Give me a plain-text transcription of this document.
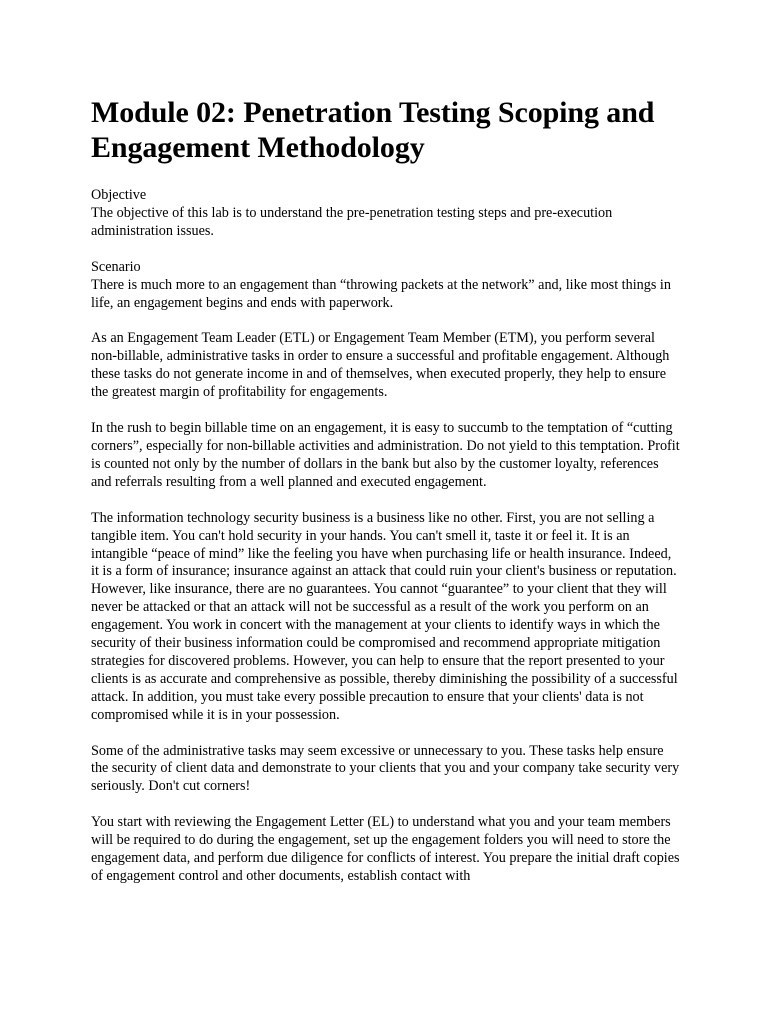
Module 02: Penetration Testing Scoping and Engagement Methodology

Objective

The objective of this lab is to understand the pre-penetration testing steps and pre-execution administration issues.

Scenario

There is much more to an engagement than “throwing packets at the network” and, like most things in life, an engagement begins and ends with paperwork.

As an Engagement Team Leader (ETL) or Engagement Team Member (ETM), you perform several non-billable, administrative tasks in order to ensure a successful and profitable engagement. Although these tasks do not generate income in and of themselves, when executed properly, they help to ensure the greatest margin of profitability for engagements.

In the rush to begin billable time on an engagement, it is easy to succumb to the temptation of “cutting corners”, especially for non-billable activities and administration. Do not yield to this temptation. Profit is counted not only by the number of dollars in the bank but also by the customer loyalty, references and referrals resulting from a well planned and executed engagement.

The information technology security business is a business like no other. First, you are not selling a tangible item. You can't hold security in your hands. You can't smell it, taste it or feel it. It is an intangible “peace of mind” like the feeling you have when purchasing life or health insurance. Indeed, it is a form of insurance; insurance against an attack that could ruin your client's business or reputation. However, like insurance, there are no guarantees. You cannot “guarantee” to your client that they will never be attacked or that an attack will not be successful as a result of the work you perform on an engagement. You work in concert with the management at your clients to identify ways in which the security of their business information could be compromised and recommend appropriate mitigation strategies for discovered problems. However, you can help to ensure that the report presented to your clients is as accurate and comprehensive as possible, thereby diminishing the possibility of a successful attack. In addition, you must take every possible precaution to ensure that your clients' data is not compromised while it is in your possession.

Some of the administrative tasks may seem excessive or unnecessary to you. These tasks help ensure the security of client data and demonstrate to your clients that you and your company take security very seriously. Don't cut corners!

You start with reviewing the Engagement Letter (EL) to understand what you and your team members will be required to do during the engagement, set up the engagement folders you will need to store the engagement data, and perform due diligence for conflicts of interest. You prepare the initial draft copies of engagement control and other documents, establish contact with
